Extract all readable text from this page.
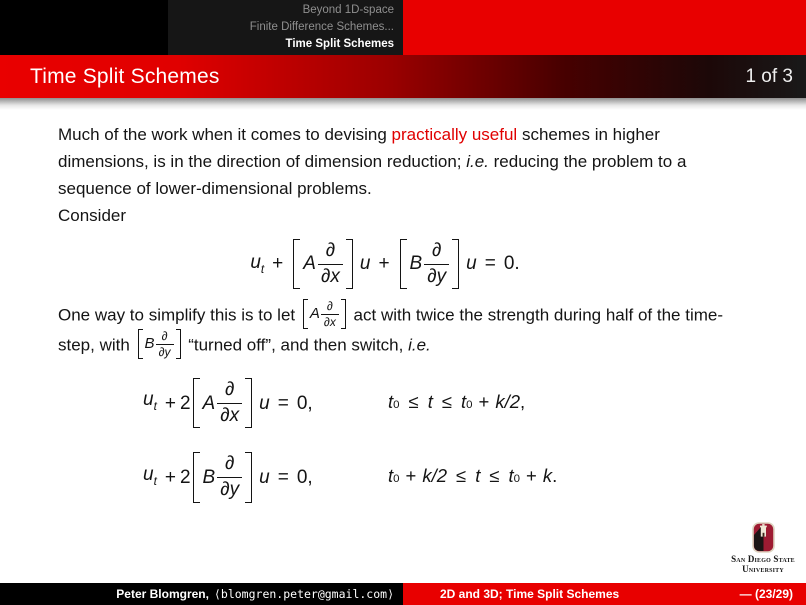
Beyond 1D-space
Finite Difference Schemes...
Time Split Schemes
Time Split Schemes	1 of 3

Much of the work when it comes to devising practically useful schemes in higher dimensions, is in the direction of dimension reduction; i.e. reducing the problem to a sequence of lower-dimensional problems.

Consider

$u_t + A \frac{\partial}{\partial x}$ u + B $\frac{\partial}{\partial y}$ u = 0.

One way to simplify this is to let A ∂
∂x act with twice the strength during half of the time-step, with B ∂
∂y “turned off”, and then switch, i.e.

$u_t + 2$ A $\frac{\partial}{\partial x}$ u = 0,	$t_0 \le t \le t_0 + k/2$ ,
$u_t + 2$ B $\frac{\partial}{\partial y}$ u = 0,	$t_0 + k/2 \le t \le t_0 + k$ .
San Diego State
University
Peter Blomgren, ⟨blomgren.peter@gmail.com⟩	2D and 3D; Time Split Schemes	— (23/29)
